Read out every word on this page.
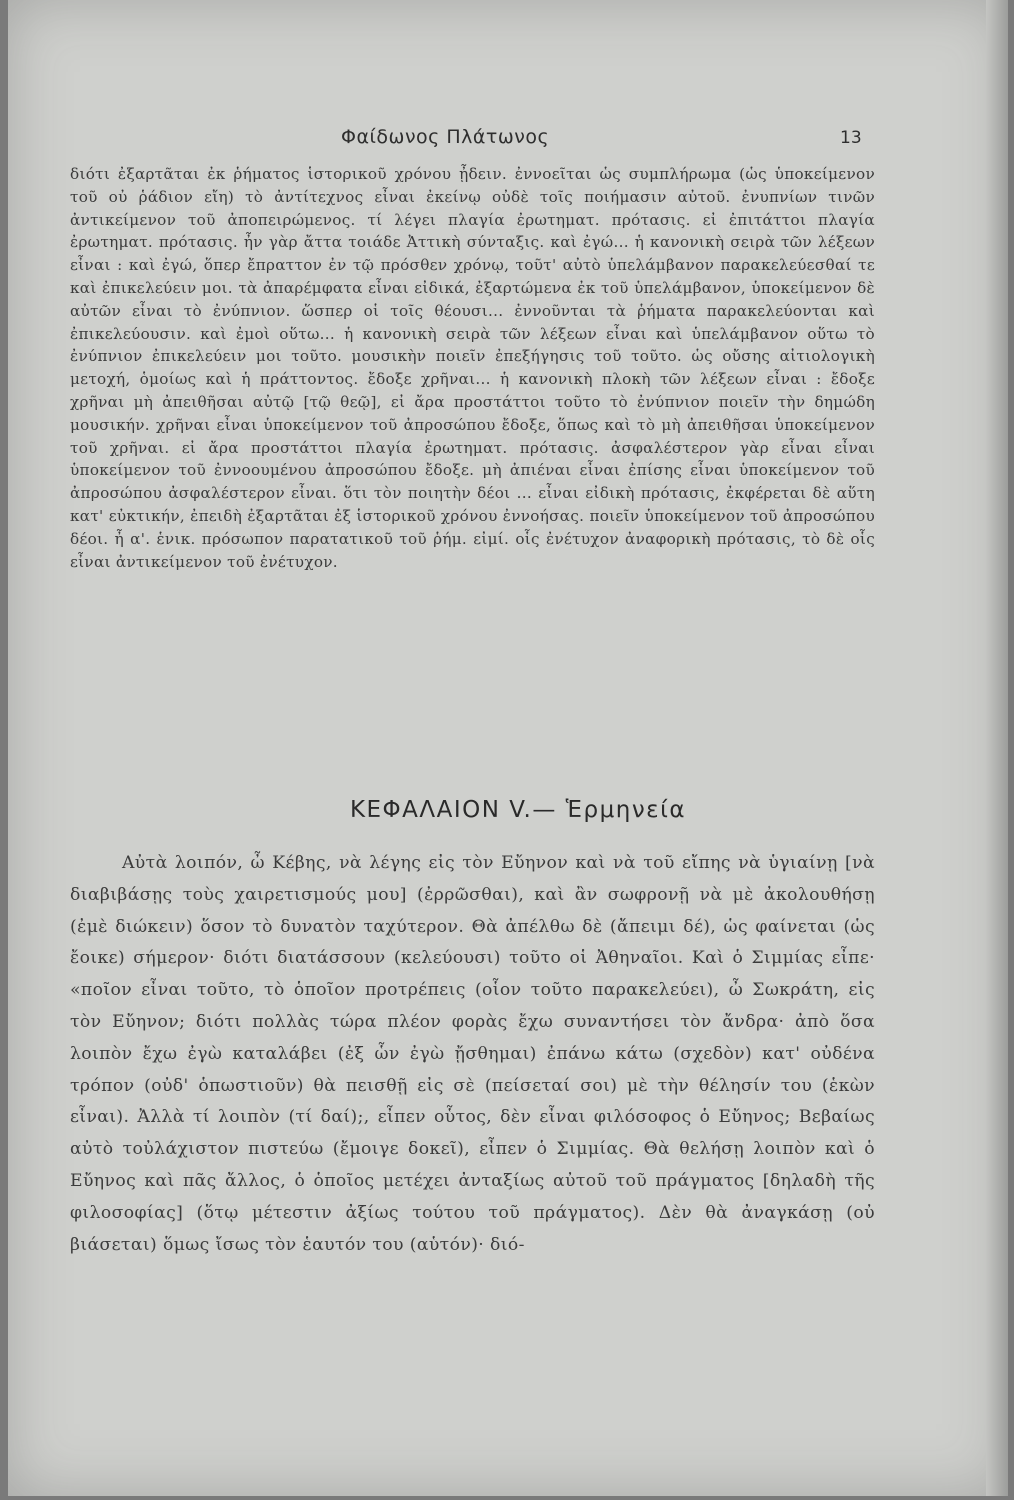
Φαίδωνος Πλάτωνος	13

διότι ἐξαρτᾶται ἐκ ῥήματος ἱστορικοῦ χρόνου ᾖδειν. ἐννοεῖται ὡς συμπλήρωμα (ὡς ὑποκείμενον τοῦ οὐ ῥάδιον εἴη) τὸ ἀντίτεχνος εἶναι ἐκείνῳ οὐδὲ τοῖς ποιήμασιν αὐτοῦ. ἐνυπνίων τινῶν ἀντικείμενον τοῦ ἀποπειρώμενος. τί λέγει πλαγία ἐρωτηματ. πρότασις. εἰ ἐπιτάττοι πλαγία ἐρωτηματ. πρότασις. ἦν γὰρ ἄττα τοιάδε Ἀττικὴ σύνταξις. καὶ ἐγώ... ἡ κανονικὴ σειρὰ τῶν λέξεων εἶναι : καὶ ἐγώ, ὅπερ ἔπραττον ἐν τῷ πρόσθεν χρόνῳ, τοῦτ' αὐτὸ ὑπελάμβανον παρακελεύεσθαί τε καὶ ἐπικελεύειν μοι. τὰ ἀπαρέμφατα εἶναι εἰδικά, ἐξαρτώμενα ἐκ τοῦ ὑπελάμβανον, ὑποκείμενον δὲ αὐτῶν εἶναι τὸ ἐνύπνιον. ὥσπερ οἱ τοῖς θέουσι... ἐννοῦνται τὰ ῥήματα παρακελεύονται καὶ ἐπικελεύουσιν. καὶ ἐμοὶ οὕτω... ἡ κανονικὴ σειρὰ τῶν λέξεων εἶναι καὶ ὑπελάμβανον οὕτω τὸ ἐνύπνιον ἐπικελεύειν μοι τοῦτο. μουσικὴν ποιεῖν ἐπεξήγησις τοῦ τοῦτο. ὡς οὔσης αἰτιολογικὴ μετοχή, ὁμοίως καὶ ἡ πράττοντος. ἔδοξε χρῆναι... ἡ κανονικὴ πλοκὴ τῶν λέξεων εἶναι : ἔδοξε χρῆναι μὴ ἀπειθῆσαι αὐτῷ [τῷ θεῷ], εἰ ἄρα προστάττοι τοῦτο τὸ ἐνύπνιον ποιεῖν τὴν δημώδη μουσικήν. χρῆναι εἶναι ὑποκείμενον τοῦ ἀπροσώπου ἔδοξε, ὅπως καὶ τὸ μὴ ἀπειθῆσαι ὑποκείμενον τοῦ χρῆναι. εἰ ἄρα προστάττοι πλαγία ἐρωτηματ. πρότασις. ἀσφαλέστερον γὰρ εἶναι εἶναι ὑποκείμενον τοῦ ἐννοουμένου ἀπροσώπου ἔδοξε. μὴ ἀπιέναι εἶναι ἐπίσης εἶναι ὑποκείμενον τοῦ ἀπροσώπου ἀσφαλέστερον εἶναι. ὅτι τὸν ποιητὴν δέοι ... εἶναι εἰδικὴ πρότασις, ἐκφέρεται δὲ αὕτη κατ' εὐκτικήν, ἐπειδὴ ἐξαρτᾶται ἐξ ἱστορικοῦ χρόνου ἐννοήσας. ποιεῖν ὑποκείμενον τοῦ ἀπροσώπου δέοι. ἦ α'. ἑνικ. πρόσωπον παρατατικοῦ τοῦ ῥήμ. εἰμί. οἷς ἐνέτυχον ἀναφορικὴ πρότασις, τὸ δὲ οἷς εἶναι ἀντικείμενον τοῦ ἐνέτυχον.

ΚΕΦΑΛΑΙΟΝ V.— Ἑρμηνεία

Αὐτὰ λοιπόν, ὦ Κέβης, νὰ λέγης εἰς τὸν Εὔηνον καὶ νὰ τοῦ εἴπης νὰ ὑγιαίνῃ [νὰ διαβιβάσῃς τοὺς χαιρετισμούς μου] (ἐρρῶσθαι), καὶ ἂν σωφρονῇ νὰ μὲ ἀκολουθήσῃ (ἐμὲ διώκειν) ὅσον τὸ δυνατὸν ταχύτερον. Θὰ ἀπέλθω δὲ (ἄπειμι δέ), ὡς φαίνεται (ὡς ἔοικε) σήμερον· διότι διατάσσουν (κελεύουσι) τοῦτο οἱ Ἀθηναῖοι. Καὶ ὁ Σιμμίας εἶπε· «ποῖον εἶναι τοῦτο, τὸ ὁποῖον προτρέπεις (οἷον τοῦτο παρακελεύει), ὦ Σωκράτη, εἰς τὸν Εὔηνον; διότι πολλὰς τώρα πλέον φορὰς ἔχω συναντήσει τὸν ἄνδρα· ἀπὸ ὅσα λοιπὸν ἔχω ἐγὼ καταλάβει (ἐξ ὧν ἐγὼ ᾔσθημαι) ἐπάνω κάτω (σχεδὸν) κατ' οὐδένα τρόπον (οὐδ' ὁπωστιοῦν) θὰ πεισθῇ εἰς σὲ (πείσεταί σοι) μὲ τὴν θέλησίν του (ἑκὼν εἶναι). Ἀλλὰ τί λοιπὸν (τί δαί);, εἶπεν οὗτος, δὲν εἶναι φιλόσοφος ὁ Εὔηνος; Βεβαίως αὐτὸ τοὐλάχιστον πιστεύω (ἔμοιγε δοκεῖ), εἶπεν ὁ Σιμμίας. Θὰ θελήσῃ λοιπὸν καὶ ὁ Εὔηνος καὶ πᾶς ἄλλος, ὁ ὁποῖος μετέχει ἀνταξίως αὐτοῦ τοῦ πράγματος [δηλαδὴ τῆς φιλοσοφίας] (ὅτῳ μέτεστιν ἀξίως τούτου τοῦ πράγματος). Δὲν θὰ ἀναγκάσῃ (οὐ βιάσεται) ὅμως ἴσως τὸν ἑαυτόν του (αὑτόν)· διό-
